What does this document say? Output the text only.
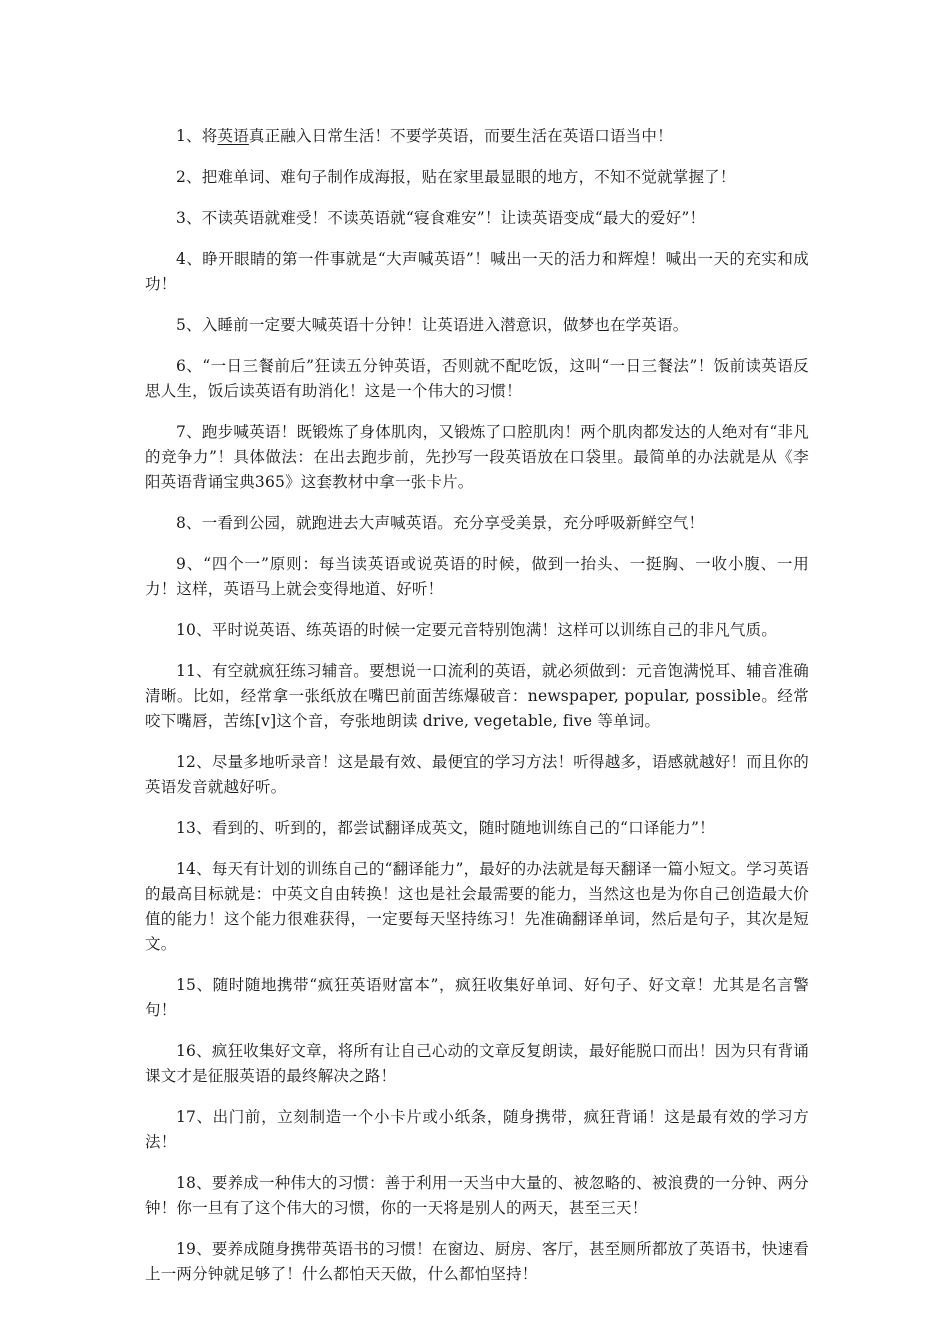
1、将英语真正融入日常生活！不要学英语，而要生活在英语口语当中！

2、把难单词、难句子制作成海报，贴在家里最显眼的地方，不知不觉就掌握了！

3、不读英语就难受！不读英语就“寝食难安”！让读英语变成“最大的爱好”！

4、睁开眼睛的第一件事就是“大声喊英语”！喊出一天的活力和辉煌！喊出一天的充实和成功！

5、入睡前一定要大喊英语十分钟！让英语进入潜意识，做梦也在学英语。

6、“一日三餐前后”狂读五分钟英语，否则就不配吃饭，这叫“一日三餐法”！饭前读英语反思人生，饭后读英语有助消化！这是一个伟大的习惯！

7、跑步喊英语！既锻炼了身体肌肉，又锻炼了口腔肌肉！两个肌肉都发达的人绝对有“非凡的竞争力”！具体做法：在出去跑步前，先抄写一段英语放在口袋里。最简单的办法就是从《李阳英语背诵宝典365》这套教材中拿一张卡片。

8、一看到公园，就跑进去大声喊英语。充分享受美景，充分呼吸新鲜空气！

9、“四个一”原则：每当读英语或说英语的时候，做到一抬头、一挺胸、一收小腹、一用力！这样，英语马上就会变得地道、好听！

10、平时说英语、练英语的时候一定要元音特别饱满！这样可以训练自己的非凡气质。

11、有空就疯狂练习辅音。要想说一口流利的英语，就必须做到：元音饱满悦耳、辅音准确清晰。比如，经常拿一张纸放在嘴巴前面苦练爆破音：newspaper, popular, possible。经常咬下嘴唇，苦练[v]这个音，夸张地朗读 drive, vegetable, five 等单词。

12、尽量多地听录音！这是最有效、最便宜的学习方法！听得越多，语感就越好！而且你的英语发音就越好听。

13、看到的、听到的，都尝试翻译成英文，随时随地训练自己的“口译能力”！

14、每天有计划的训练自己的“翻译能力”，最好的办法就是每天翻译一篇小短文。学习英语的最高目标就是：中英文自由转换！这也是社会最需要的能力，当然这也是为你自己创造最大价值的能力！这个能力很难获得，一定要每天坚持练习！先准确翻译单词，然后是句子，其次是短文。

15、随时随地携带“疯狂英语财富本”，疯狂收集好单词、好句子、好文章！尤其是名言警句！

16、疯狂收集好文章，将所有让自己心动的文章反复朗读，最好能脱口而出！因为只有背诵课文才是征服英语的最终解决之路！

17、出门前，立刻制造一个小卡片或小纸条，随身携带，疯狂背诵！这是最有效的学习方法！

18、要养成一种伟大的习惯：善于利用一天当中大量的、被忽略的、被浪费的一分钟、两分钟！你一旦有了这个伟大的习惯，你的一天将是别人的两天，甚至三天！

19、要养成随身携带英语书的习惯！在窗边、厨房、客厅，甚至厕所都放了英语书，快速看上一两分钟就足够了！什么都怕天天做，什么都怕坚持！
